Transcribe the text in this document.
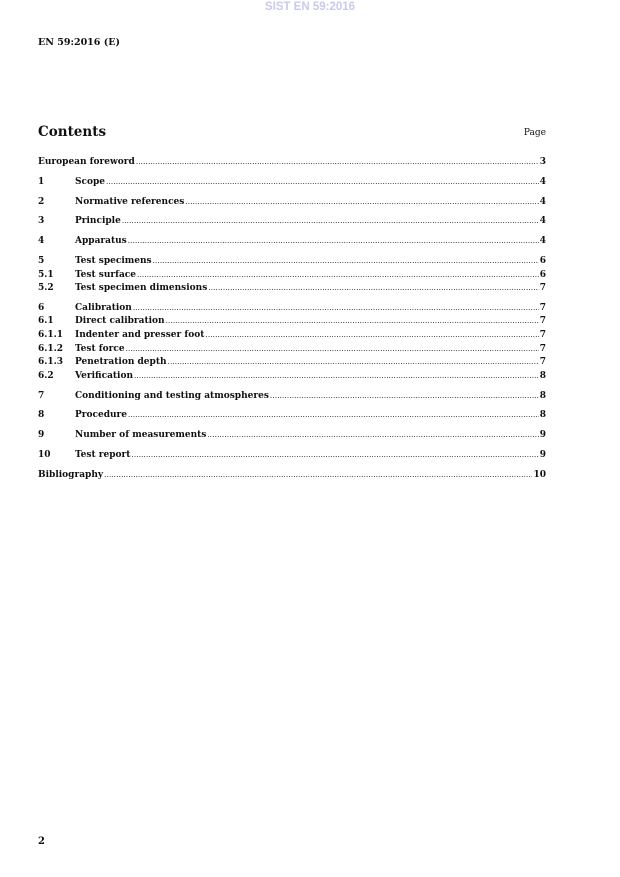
SIST EN 59:2016
EN 59:2016 (E)
Contents	Page
European foreword .....	3
1	Scope .....	4
2	Normative references .....	4
3	Principle .....	4
4	Apparatus .....	4
5	Test specimens .....	6
5.1	Test surface .....	6
5.2	Test specimen dimensions .....	7
6	Calibration .....	7
6.1	Direct calibration .....	7
6.1.1	Indenter and presser foot .....	7
6.1.2	Test force .....	7
6.1.3	Penetration depth .....	7
6.2	Verification .....	8
7	Conditioning and testing atmospheres .....	8
8	Procedure .....	8
9	Number of measurements .....	9
10	Test report .....	9
Bibliography .....	10
2
